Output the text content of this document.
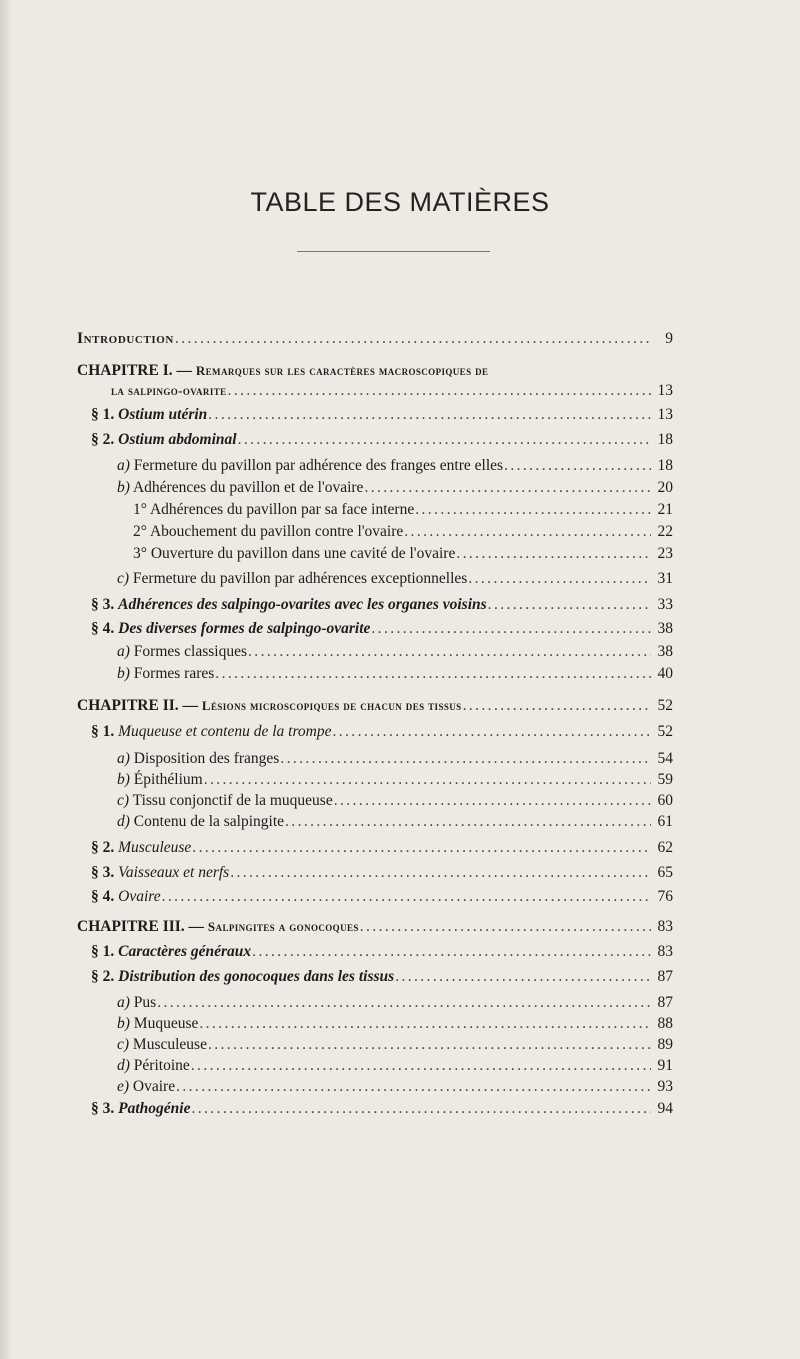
TABLE DES MATIÈRES
Introduction .....	9
CHAPITRE I. — Remarques sur les caractères macroscopiques de
la salpingo-ovarite .....	13
§ 1. Ostium utérin .....	13
§ 2. Ostium abdominal .....	18
a) Fermeture du pavillon par adhérence des franges entre elles .....	18
b) Adhérences du pavillon et de l'ovaire .....	20
1° Adhérences du pavillon par sa face interne .....	21
2° Abouchement du pavillon contre l'ovaire .....	22
3° Ouverture du pavillon dans une cavité de l'ovaire .....	23
c) Fermeture du pavillon par adhérences exceptionnelles .....	31
§ 3. Adhérences des salpingo-ovarites avec les organes voisins .....	33
§ 4. Des diverses formes de salpingo-ovarite .....	38
a) Formes classiques .....	38
b) Formes rares .....	40
CHAPITRE II. — Lésions microscopiques de chacun des tissus .....	52
§ 1. Muqueuse et contenu de la trompe .....	52
a) Disposition des franges .....	54
b) Épithélium .....	59
c) Tissu conjonctif de la muqueuse .....	60
d) Contenu de la salpingite .....	61
§ 2. Musculeuse .....	62
§ 3. Vaisseaux et nerfs .....	65
§ 4. Ovaire .....	76
CHAPITRE III. — Salpingites a gonocoques .....	83
§ 1. Caractères généraux .....	83
§ 2. Distribution des gonocoques dans les tissus .....	87
a) Pus .....	87
b) Muqueuse .....	88
c) Musculeuse .....	89
d) Péritoine .....	91
e) Ovaire .....	93
§ 3. Pathogénie .....	94
